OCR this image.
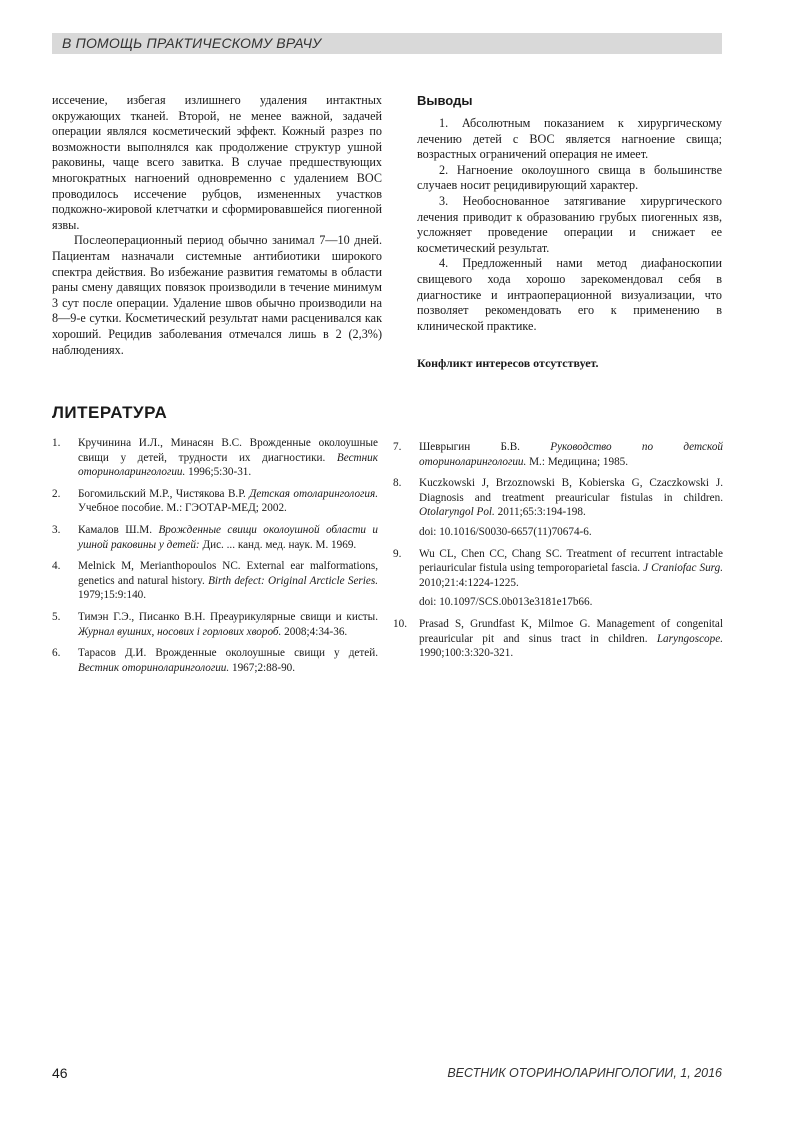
В ПОМОЩЬ ПРАКТИЧЕСКОМУ ВРАЧУ

иссечение, избегая излишнего удаления интактных окружающих тканей. Второй, не менее важной, задачей операции являлся косметический эффект. Кожный разрез по возможности выполнялся как продолжение структур ушной раковины, чаще всего завитка. В случае предшествующих многократных нагноений одновременно с удалением ВОС проводилось иссечение рубцов, измененных участков подкожно-жировой клетчатки и сформировавшейся пиогенной язвы.

Послеоперационный период обычно занимал 7—10 дней. Пациентам назначали системные антибиотики широкого спектра действия. Во избежание развития гематомы в области раны смену давящих повязок производили в течение минимум 3 сут после операции. Удаление швов обычно производили на 8—9-е сутки. Косметический результат нами расценивался как хороший. Рецидив заболевания отмечался лишь в 2 (2,3%) наблюдениях.

Выводы

1. Абсолютным показанием к хирургическому лечению детей с ВОС является нагноение свища; возрастных ограничений операция не имеет.

2. Нагноение околоушного свища в большинстве случаев носит рецидивирующий характер.

3. Необоснованное затягивание хирургического лечения приводит к образованию грубых пиогенных язв, усложняет проведение операции и снижает ее косметический результат.

4. Предложенный нами метод диафаноскопии свищевого хода хорошо зарекомендовал себя в диагностике и интраоперационной визуализации, что позволяет рекомендовать его к применению в клинической практике.

Конфликт интересов отсутствует.

ЛИТЕРАТУРА
1.	Кручинина И.Л., Минасян В.С. Врожденные околоушные свищи у детей, трудности их диагностики. Вестник оториноларингологии. 1996;5:30-31.
2.	Богомильский М.Р., Чистякова В.Р. Детская отоларингология. Учебное пособие. М.: ГЭОТАР-МЕД; 2002.
3.	Камалов Ш.М. Врожденные свищи околоушной области и ушной раковины у детей: Дис. ... канд. мед. наук. М. 1969.
4.	Melnick M, Merianthopoulos NC. External ear malformations, genetics and natural history. Birth defect: Original Arcticle Series. 1979;15:9:140.
5.	Тимэн Г.Э., Писанко В.Н. Преаурикулярные свищи и кисты. Журнал вушних, носових і горлових хвороб. 2008;4:34-36.
6.	Тарасов Д.И. Врожденные околоушные свищи у детей. Вестник оториноларингологии. 1967;2:88-90.
7.	Шеврыгин Б.В. Руководство по детской оториноларингологии. М.: Медицина; 1985.
8.	Kuczkowski J, Brzoznowski B, Kobierska G, Czaczkowski J. Diagnosis and treatment preauricular fistulas in children. Otolaryngol Pol. 2011;65:3:194-198.
doi: 10.1016/S0030-6657(11)70674-6.
9.	Wu CL, Chen CC, Chang SC. Treatment of recurrent intractable periauricular fistula using temporoparietal fascia. J Craniofac Surg. 2010;21:4:1224-1225.
doi: 10.1097/SCS.0b013e3181e17b66.
10.	Prasad S, Grundfast K, Milmoe G. Management of congenital preauricular pit and sinus tract in children. Laryngoscope. 1990;100:3:320-321.
46	ВЕСТНИК ОТОРИНОЛАРИНГОЛОГИИ, 1, 2016
